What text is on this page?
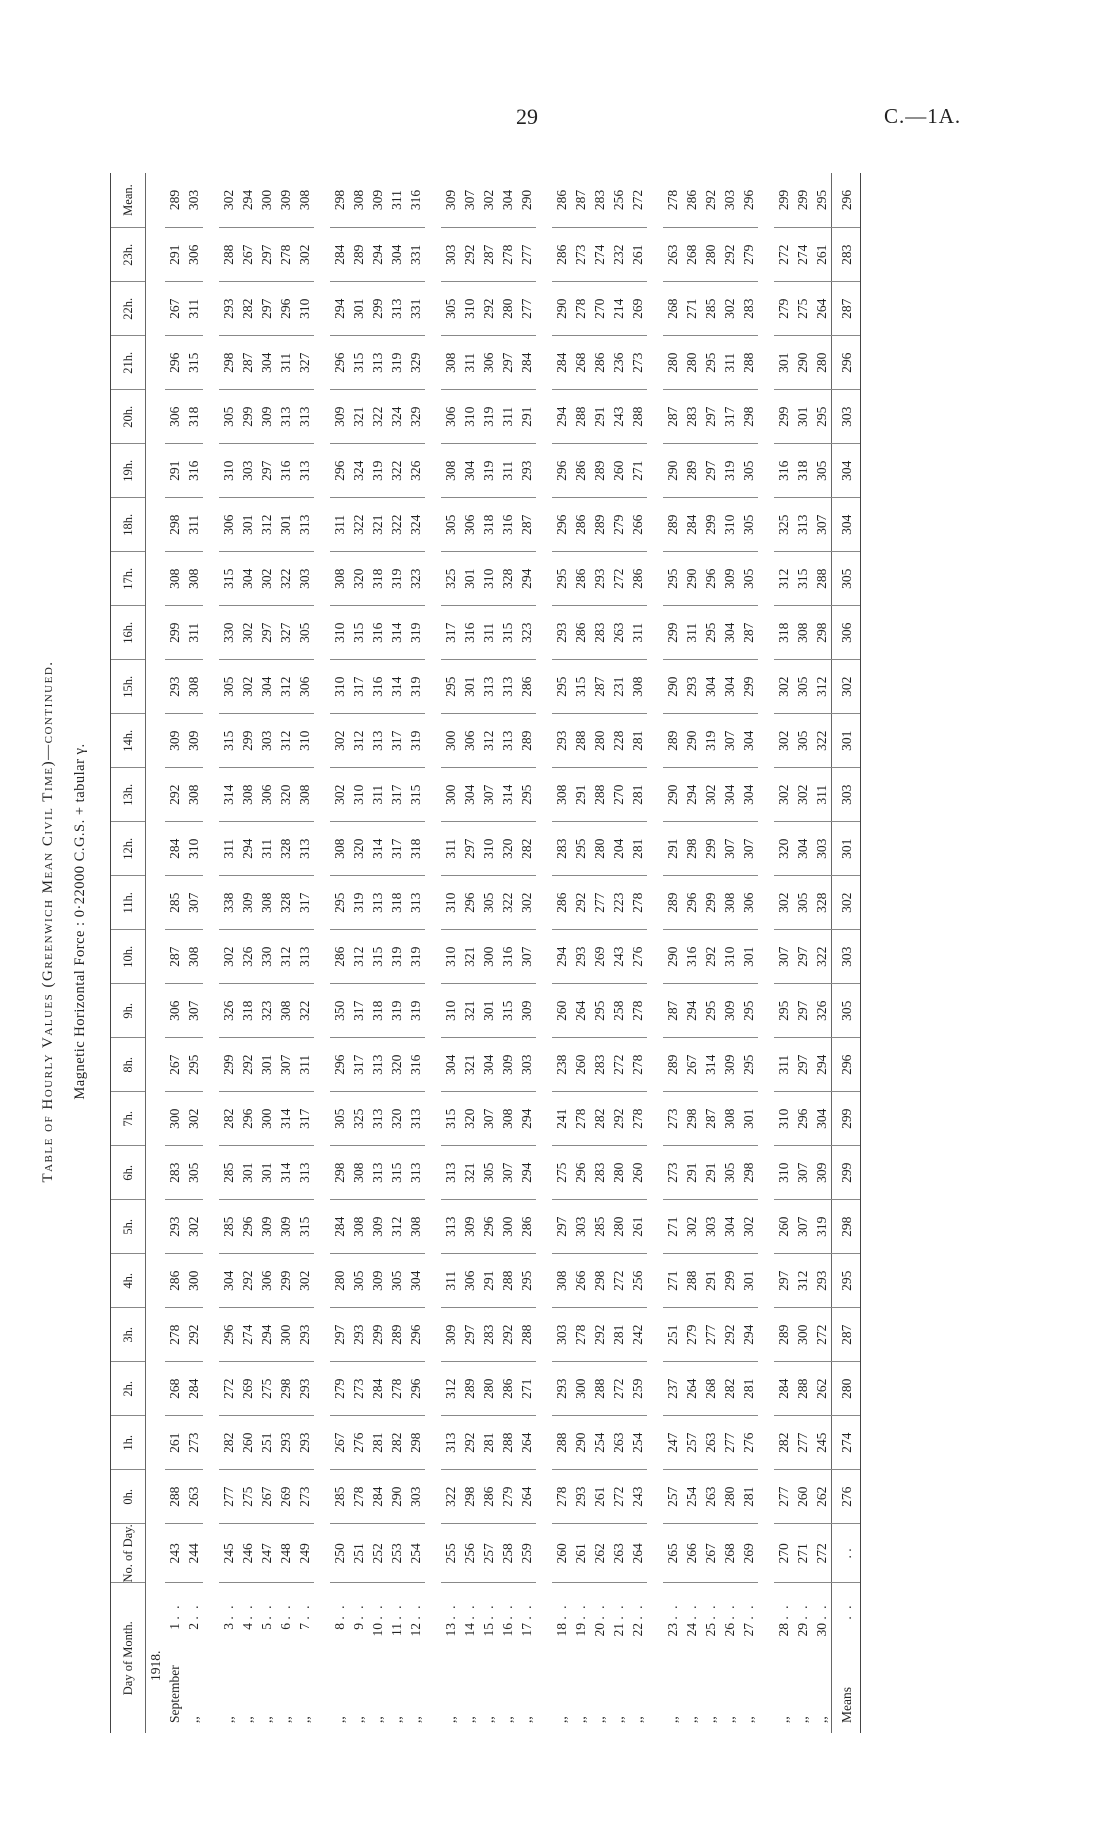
29	C.—1A.
Table of Hourly Values (Greenwich Mean Civil Time)—continued. Magnetic Horizontal Force : 0·22000 C.G.S. + tabular γ.
Day of Month.	No. of Day.	0h.	1h.	2h.	3h.	4h.	5h.	6h.	7h.	8h.	9h.	10h.	11h.	12h.	13h.	14h.	15h.	16h.	17h.	18h.	19h.	20h.	21h.	22h.	23h.	Mean.
1918.																										
September1 . .	243	288	261	268	278	286	293	283	300	267	306	287	285	284	292	309	293	299	308	298	291	306	296	267	291	289
,,2 . .	244	263	273	284	292	300	302	305	302	295	307	308	307	310	308	309	308	311	308	311	316	318	315	311	306	303

,,3 . .	245	277	282	272	296	304	285	285	282	299	326	302	338	311	314	315	305	330	315	306	310	305	298	293	288	302
,,4 . .	246	275	260	269	274	292	296	301	296	292	318	326	309	294	308	299	302	302	304	301	303	299	287	282	267	294
,,5 . .	247	267	251	275	294	306	309	301	300	301	323	330	308	311	306	303	304	297	302	312	297	309	304	297	297	300
,,6 . .	248	269	293	298	300	299	309	314	314	307	308	312	328	328	320	312	312	327	322	301	316	313	311	296	278	309
,,7 . .	249	273	293	293	293	302	315	313	317	311	322	313	317	313	308	310	306	305	303	313	313	313	327	310	302	308

,,8 . .	250	285	267	279	297	280	284	298	305	296	350	286	295	308	302	302	310	310	308	311	296	309	296	294	284	298
,,9 . .	251	278	276	273	293	305	308	308	325	317	317	312	319	320	310	312	317	315	320	322	324	321	315	301	289	308
,,10 . .	252	284	281	284	299	309	309	313	313	313	318	315	313	314	311	313	316	316	318	321	319	322	313	299	294	309
,,11 . .	253	290	282	278	289	305	312	315	320	320	319	319	318	317	317	317	314	314	319	322	322	324	319	313	304	311
,,12 . .	254	303	298	296	296	304	308	313	313	316	319	319	313	318	315	319	319	319	323	324	326	329	329	331	331	316

,,13 . .	255	322	313	312	309	311	313	313	315	304	310	310	310	311	300	300	295	317	325	305	308	306	308	305	303	309
,,14 . .	256	298	292	289	297	306	309	321	320	321	321	321	296	297	304	306	301	316	301	306	304	310	311	310	292	307
,,15 . .	257	286	281	280	283	291	296	305	307	304	301	300	305	310	307	312	313	311	310	318	319	319	306	292	287	302
,,16 . .	258	279	288	286	292	288	300	307	308	309	315	316	322	320	314	313	313	315	328	316	311	311	297	280	278	304
,,17 . .	259	264	264	271	288	295	286	294	294	303	309	307	302	282	295	289	286	323	294	287	293	291	284	277	277	290

,,18 . .	260	278	288	293	303	308	297	275	241	238	260	294	286	283	308	293	295	293	295	296	296	294	284	290	286	286
,,19 . .	261	293	290	300	278	266	303	296	278	260	264	293	292	295	291	288	315	286	286	286	286	288	268	278	273	287
,,20 . .	262	261	254	288	292	298	285	283	282	283	295	269	277	280	288	280	287	283	293	289	289	291	286	270	274	283
,,21 . .	263	272	263	272	281	272	280	280	292	272	258	243	223	204	270	228	231	263	272	279	260	243	236	214	232	256
,,22 . .	264	243	254	259	242	256	261	260	278	278	278	276	278	281	281	281	308	311	286	266	271	288	273	269	261	272

,,23 . .	265	257	247	237	251	271	271	273	273	289	287	290	289	291	290	289	290	299	295	289	290	287	280	268	263	278
,,24 . .	266	254	257	264	279	288	302	291	298	267	294	316	296	298	294	290	293	311	290	284	289	283	280	271	268	286
,,25 . .	267	263	263	268	277	291	303	291	287	314	295	292	299	299	302	319	304	295	296	299	297	297	295	285	280	292
,,26 . .	268	280	277	282	292	299	304	305	308	309	309	310	308	307	304	307	304	304	309	310	319	317	311	302	292	303
,,27 . .	269	281	276	281	294	301	302	298	301	295	295	301	306	307	304	304	299	287	305	305	305	298	288	283	279	296

,,28 . .	270	277	282	284	289	297	260	310	310	311	295	307	302	320	302	302	302	318	312	325	316	299	301	279	272	299
,,29 . .	271	260	277	288	300	312	307	307	296	297	297	297	305	304	302	305	305	308	315	313	318	301	290	275	274	299
,,30 . .	272	262	245	262	272	293	319	309	304	294	326	322	328	303	311	322	312	298	288	307	305	295	280	264	261	295
Means . .	. .	276	274	280	287	295	298	299	299	296	305	303	302	301	303	301	302	306	305	304	304	303	296	287	283	296
